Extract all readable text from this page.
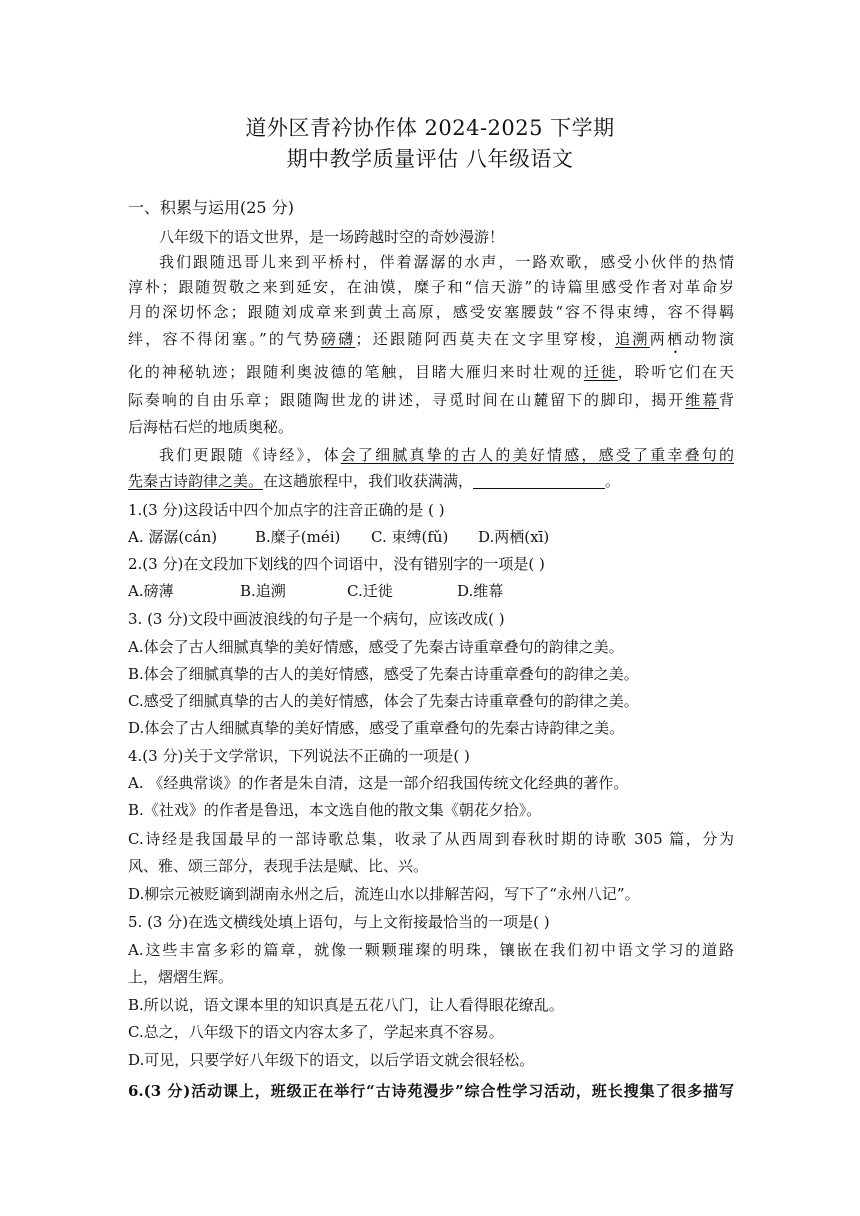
道外区青衿协作体 2024-2025 下学期
期中教学质量评估 八年级语文
一、积累与运用(25 分)
八年级下的语文世界，是一场跨越时空的奇妙漫游！
我们跟随迅哥儿来到平桥村，伴着潺潺的水声，一路欢歌，感受小伙伴的热情
淳朴；跟随贺敬之来到延安，在油馍，糜子和“信天游”的诗篇里感受作者对革命岁
月的深切怀念；跟随刘成章来到黄土高原，感受安塞腰鼓“容不得束缚，容不得羁
绊，容不得闭塞。”的气势磅礴；还跟随阿西莫夫在文字里穿梭，追溯两栖动物演
化的神秘轨迹；跟随利奥波德的笔触，目睹大雁归来时壮观的迁徙，聆听它们在天
际奏响的自由乐章；跟随陶世龙的讲述，寻觅时间在山麓留下的脚印，揭开维幕背
后海枯石烂的地质奥秘。
我们更跟随《诗经》，体会了细腻真挚的古人的美好情感，感受了重幸叠句的
先秦古诗韵律之美。在这趟旅程中，我们收获满满，	。
1.(3 分)这段话中四个加点字的注音正确的是 ( )
A. 潺潺(cán)	B.糜子(méi) C. 束缚(fǔ) D.两栖(xī)
2.(3 分)在文段加下划线的四个词语中，没有错别字的一项是( )
A.磅薄	B.追溯	C.迁徙	D.维幕
3. (3 分)文段中画波浪线的句子是一个病句，应该改成( )
A.体会了古人细腻真挚的美好情感，感受了先秦古诗重章叠句的韵律之美。
B.体会了细腻真挚的古人的美好情感，感受了先秦古诗重章叠句的韵律之美。
C.感受了细腻真挚的古人的美好情感，体会了先秦古诗重章叠句的韵律之美。
D.体会了古人细腻真挚的美好情感，感受了重章叠句的先秦古诗韵律之美。
4.(3 分)关于文学常识，下列说法不正确的一项是( )
A. 《经典常谈》的作者是朱自清，这是一部介绍我国传统文化经典的著作。
B.《社戏》的作者是鲁迅，本文选自他的散文集《朝花夕拾》。
C.诗经是我国最早的一部诗歌总集，收录了从西周到春秋时期的诗歌 305 篇，分为
风、雅、颂三部分，表现手法是赋、比、兴。
D.柳宗元被贬谪到湖南永州之后，流连山水以排解苦闷，写下了“永州八记”。
5. (3 分)在选文横线处填上语句，与上文衔接最恰当的一项是( )
A.这些丰富多彩的篇章，就像一颗颗璀璨的明珠，镶嵌在我们初中语文学习的道路
上，熠熠生辉。
B.所以说，语文课本里的知识真是五花八门，让人看得眼花缭乱。
C.总之，八年级下的语文内容太多了，学起来真不容易。
D.可见，只要学好八年级下的语文，以后学语文就会很轻松。
6.(3 分)活动课上，班级正在举行“古诗苑漫步”综合性学习活动，班长搜集了很多描写
